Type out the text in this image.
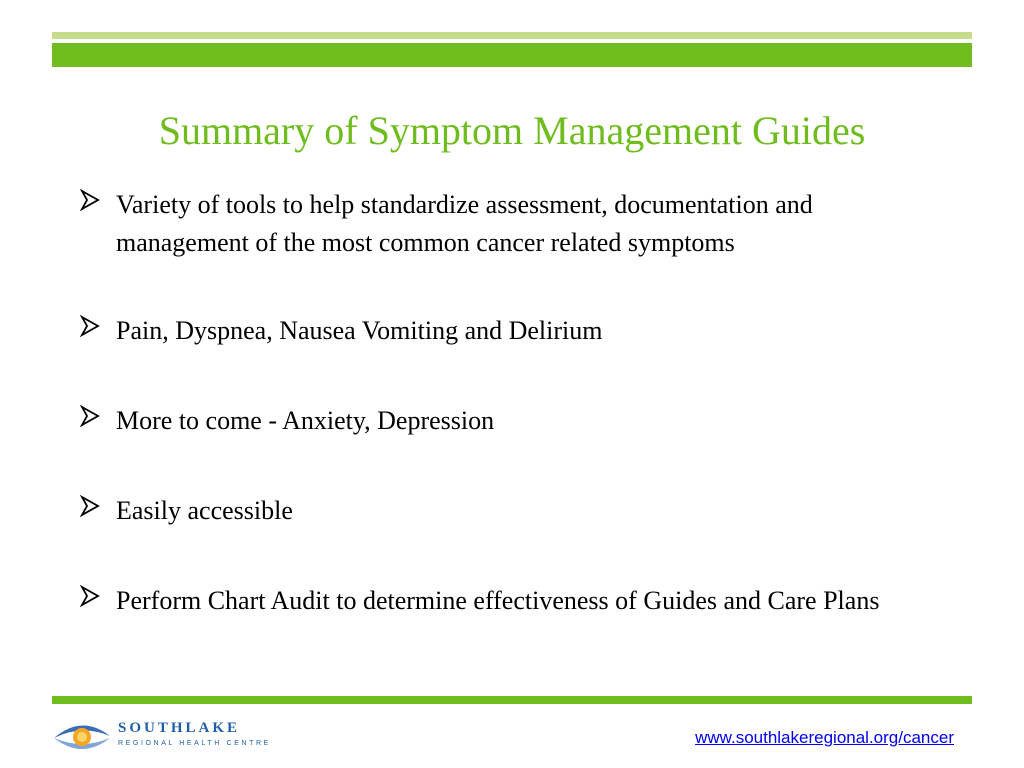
Summary of Symptom Management Guides
Variety of tools to help standardize assessment, documentation and management of the most common cancer related symptoms
Pain, Dyspnea, Nausea Vomiting and Delirium
More to come - Anxiety, Depression
Easily accessible
Perform Chart Audit to determine effectiveness of Guides and Care Plans
SOUTHLAKE
REGIONAL HEALTH CENTRE	www.southlakeregional.org/cancer
